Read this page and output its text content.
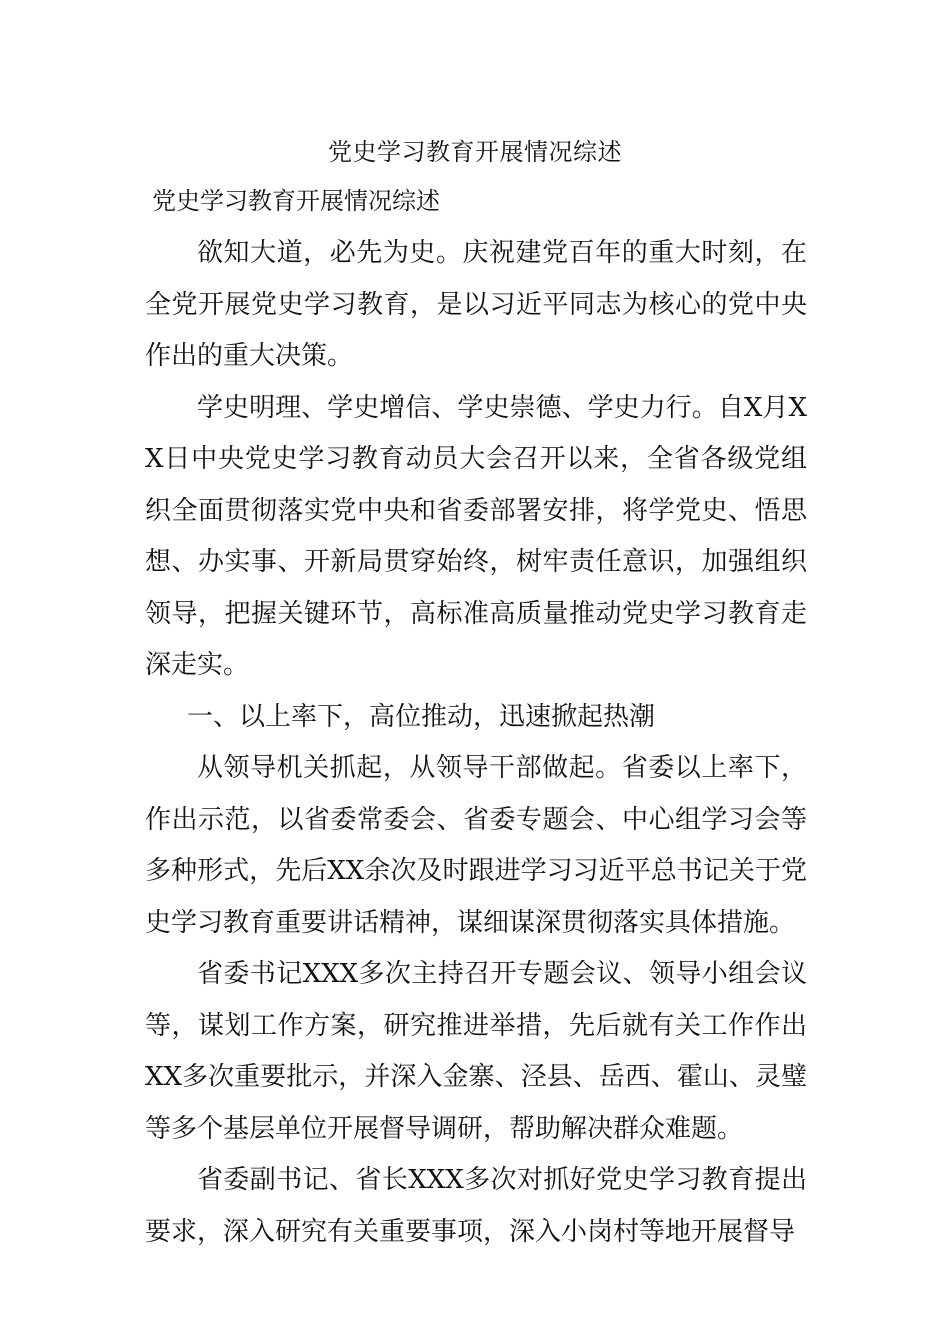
党史学习教育开展情况综述
党史学习教育开展情况综述

欲知大道，必先为史。庆祝建党百年的重大时刻，在全党开展党史学习教育，是以习近平同志为核心的党中央作出的重大决策。

学史明理、学史增信、学史崇德、学史力行。自X月XX日中央党史学习教育动员大会召开以来，全省各级党组织全面贯彻落实党中央和省委部署安排，将学党史、悟思想、办实事、开新局贯穿始终，树牢责任意识，加强组织领导，把握关键环节，高标准高质量推动党史学习教育走深走实。

一、以上率下，高位推动，迅速掀起热潮

从领导机关抓起，从领导干部做起。省委以上率下，作出示范，以省委常委会、省委专题会、中心组学习会等多种形式，先后XX余次及时跟进学习习近平总书记关于党史学习教育重要讲话精神，谋细谋深贯彻落实具体措施。

省委书记XXX多次主持召开专题会议、领导小组会议等，谋划工作方案，研究推进举措，先后就有关工作作出XX多次重要批示，并深入金寨、泾县、岳西、霍山、灵璧等多个基层单位开展督导调研，帮助解决群众难题。

省委副书记、省长XXX多次对抓好党史学习教育提出要求，深入研究有关重要事项，深入小岗村等地开展督导
